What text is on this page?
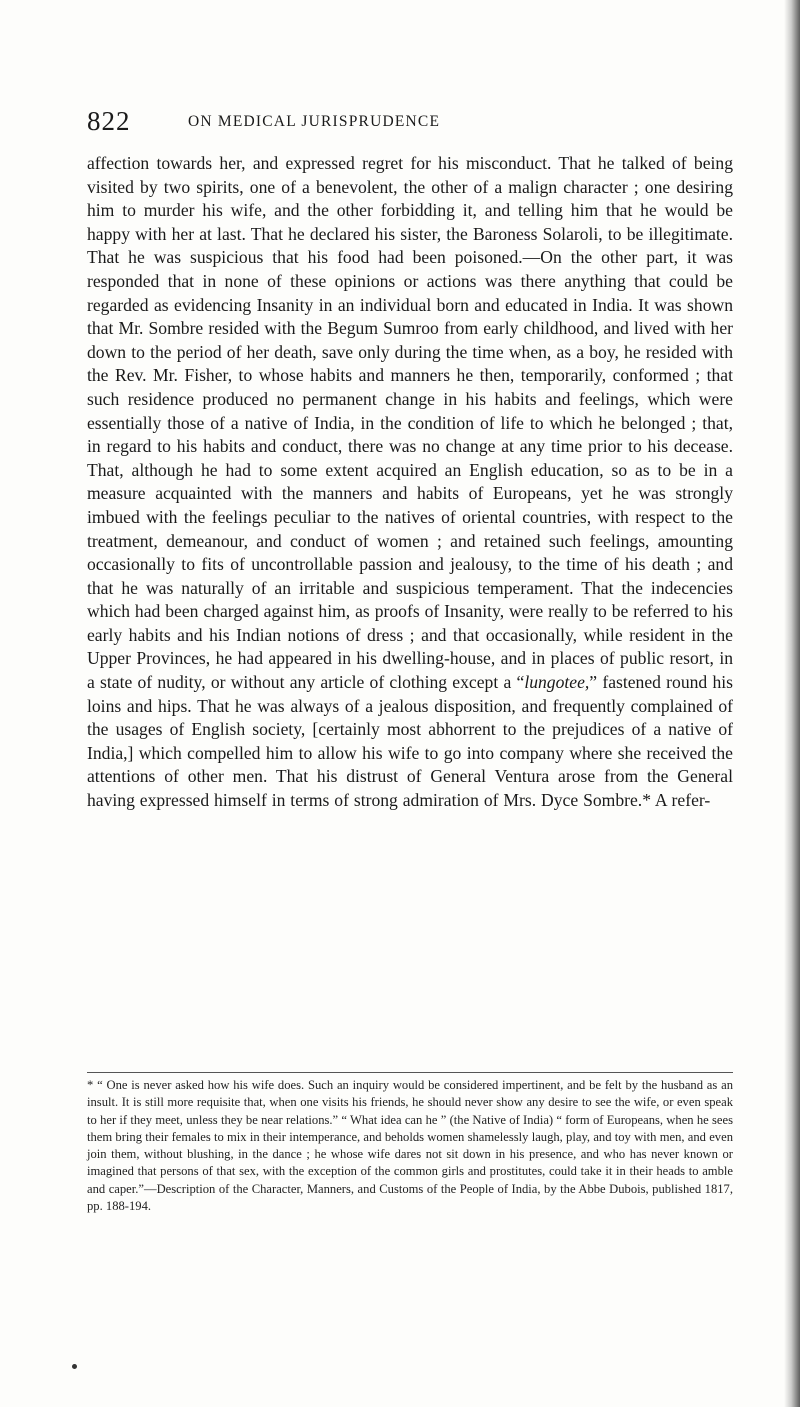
822	ON MEDICAL JURISPRUDENCE

affection towards her, and expressed regret for his misconduct. That he talked of being visited by two spirits, one of a benevolent, the other of a malign character ; one desiring him to murder his wife, and the other forbidding it, and telling him that he would be happy with her at last. That he declared his sister, the Baroness Solaroli, to be illegitimate. That he was suspicious that his food had been poisoned.—On the other part, it was responded that in none of these opinions or actions was there anything that could be regarded as evidencing Insanity in an individual born and educated in India. It was shown that Mr. Sombre resided with the Begum Sumroo from early childhood, and lived with her down to the period of her death, save only during the time when, as a boy, he resided with the Rev. Mr. Fisher, to whose habits and manners he then, temporarily, conformed ; that such residence produced no permanent change in his habits and feelings, which were essentially those of a native of India, in the condition of life to which he belonged ; that, in regard to his habits and conduct, there was no change at any time prior to his decease. That, although he had to some extent acquired an English education, so as to be in a measure acquainted with the manners and habits of Europeans, yet he was strongly imbued with the feelings peculiar to the natives of oriental countries, with respect to the treatment, demeanour, and conduct of women ; and retained such feelings, amounting occasionally to fits of uncontrollable passion and jealousy, to the time of his death ; and that he was naturally of an irritable and suspicious temperament. That the indecencies which had been charged against him, as proofs of Insanity, were really to be referred to his early habits and his Indian notions of dress ; and that occasionally, while resident in the Upper Provinces, he had appeared in his dwelling-house, and in places of public resort, in a state of nudity, or without any article of clothing except a “lungotee,” fastened round his loins and hips. That he was always of a jealous disposition, and frequently complained of the usages of English society, [certainly most abhorrent to the prejudices of a native of India,] which compelled him to allow his wife to go into company where she received the attentions of other men. That his distrust of General Ventura arose from the General having expressed himself in terms of strong admiration of Mrs. Dyce Sombre.* A refer-

* “ One is never asked how his wife does. Such an inquiry would be considered impertinent, and be felt by the husband as an insult. It is still more requisite that, when one visits his friends, he should never show any desire to see the wife, or even speak to her if they meet, unless they be near relations.” “ What idea can he ” (the Native of India) “ form of Europeans, when he sees them bring their females to mix in their intemperance, and beholds women shamelessly laugh, play, and toy with men, and even join them, without blushing, in the dance ; he whose wife dares not sit down in his presence, and who has never known or imagined that persons of that sex, with the exception of the common girls and prostitutes, could take it in their heads to amble and caper.”—Description of the Character, Manners, and Customs of the People of India, by the Abbe Dubois, published 1817, pp. 188-194.
